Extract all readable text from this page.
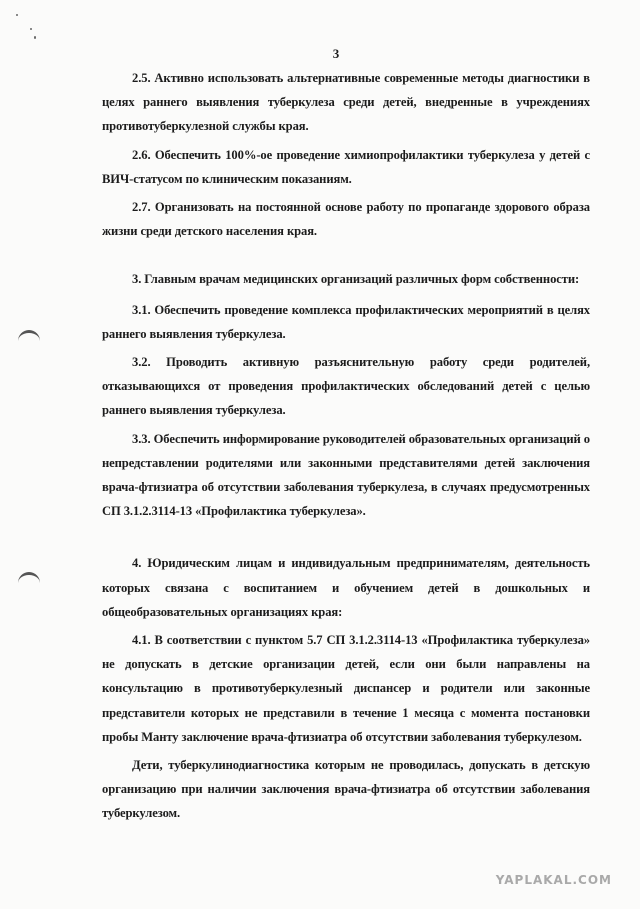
3

2.5. Активно использовать альтернативные современные методы диагностики в целях раннего выявления туберкулеза среди детей, внедренные в учреждениях противотуберкулезной службы края.

2.6. Обеспечить 100%-ое проведение химиопрофилактики туберкулеза у детей с ВИЧ-статусом по клиническим показаниям.

2.7. Организовать на постоянной основе работу по пропаганде здорового образа жизни среди детского населения края.

3. Главным врачам медицинских организаций различных форм собственности:

3.1. Обеспечить проведение комплекса профилактических мероприятий в целях раннего выявления туберкулеза.

3.2. Проводить активную разъяснительную работу среди родителей, отказывающихся от проведения профилактических обследований детей с целью раннего выявления туберкулеза.

3.3. Обеспечить информирование руководителей образовательных организаций о непредставлении родителями или законными представителями детей заключения врача-фтизиатра об отсутствии заболевания туберкулеза, в случаях предусмотренных СП 3.1.2.3114-13 «Профилактика туберкулеза».

4. Юридическим лицам и индивидуальным предпринимателям, деятельность которых связана с воспитанием и обучением детей в дошкольных и общеобразовательных организациях края:

4.1. В соответствии с пунктом 5.7 СП 3.1.2.3114-13 «Профилактика туберкулеза» не допускать в детские организации детей, если они были направлены на консультацию в противотуберкулезный диспансер и родители или законные представители которых не представили в течение 1 месяца с момента постановки пробы Манту заключение врача-фтизиатра об отсутствии заболевания туберкулезом.

Дети, туберкулинодиагностика которым не проводилась, допускать в детскую организацию при наличии заключения врача-фтизиатра об отсутствии заболевания туберкулезом.

YAPLAKAL.COM
